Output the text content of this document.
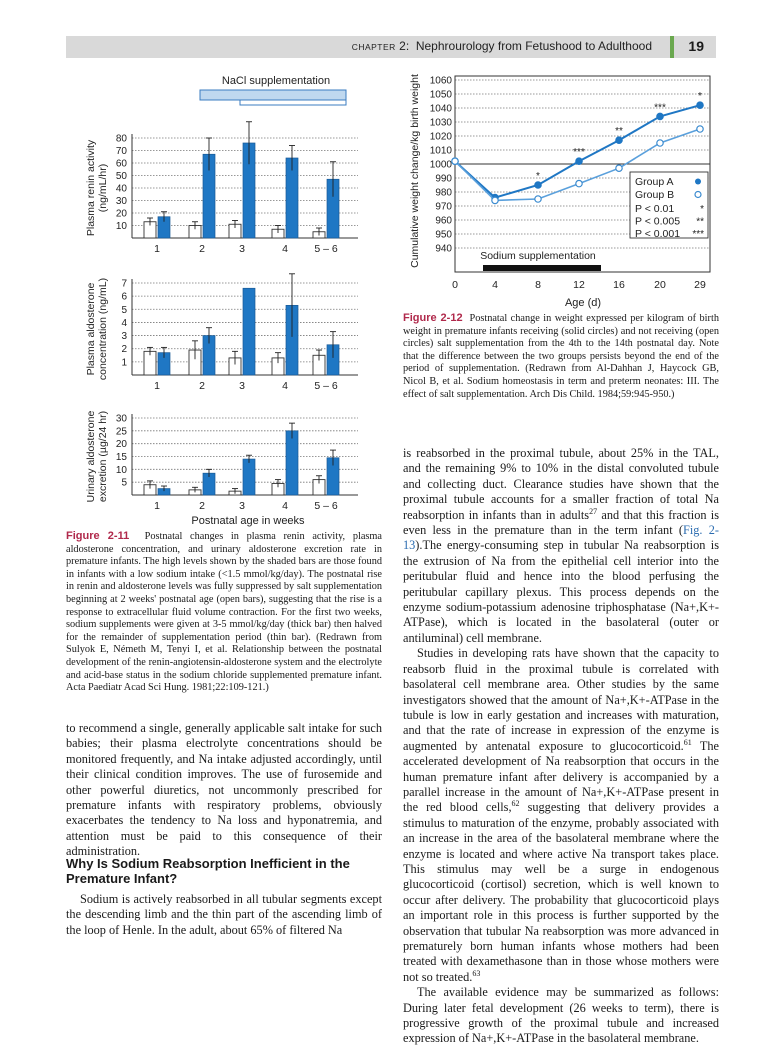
CHAPTER 2: Nephrourology from Fetushood to Adulthood	19
NaCl supplementation
10
20
30
40
50
60
70
80
Plasma renin activity (ng/mL/hr)
1	2	3	4	5 – 6
1
2
3
4
5
6
7
Plasma aldosterone concentration (ng/mL)
1	2	3	4	5 – 6
5
10
15
20
25
30
Urinary aldosterone excretion (µg/24 hr)
1	2	3	4	5 – 6
Postnatal age in weeks
940
950
960
970
980
990
1000
1010
1020
1030
1040
1050
1060
0	4	8	12	16	20	29
Age (d)
Cumulative weight change/kg birth weight	Sodium supplementation
*
***
**
***
*
Group A
Group B
P < 0.01	*
P < 0.005 **
P < 0.001 ***
Figure 2-11 Postnatal changes in plasma renin activity, plasma aldosterone concentration, and urinary aldosterone excretion rate in premature infants. The high levels shown by the shaded bars are those found in infants with a low sodium intake (<1.5 mmol/kg/day). The postnatal rise in renin and aldosterone levels was fully suppressed by salt supplementation beginning at 2 weeks' postnatal age (open bars), suggesting that the rise is a response to extracellular fluid volume contraction. For the first two weeks, sodium supplements were given at 3-5 mmol/kg/day (thick bar) then halved for the remainder of supplementation period (thin bar). (Redrawn from Sulyok E, Németh M, Tenyi I, et al. Relationship between the postnatal development of the renin-angiotensin-aldosterone system and the electrolyte and acid-base status in the sodium chloride supplemented premature infant. Acta Paediatr Acad Sci Hung. 1981;22:109-121.)
Figure 2-12 Postnatal change in weight expressed per kilogram of birth weight in premature infants receiving (solid circles) and not receiving (open circles) salt supplementation from the 4th to the 14th postnatal day. Note that the difference between the two groups persists beyond the end of the period of supplementation. (Redrawn from Al-Dahhan J, Haycock GB, Nicol B, et al. Sodium homeostasis in term and preterm neonates: III. The effect of salt supplementation. Arch Dis Child. 1984;59:945-950.)

to recommend a single, generally applicable salt intake for such babies; their plasma electrolyte concentrations should be monitored frequently, and Na intake adjusted accordingly, until their clinical condition improves. The use of furosemide and other powerful diuretics, not uncommonly prescribed for premature infants with respiratory problems, obviously exacerbates the tendency to Na loss and hyponatremia, and attention must be paid to this consequence of their administration.

Why Is Sodium Reabsorption Inefficient in the Premature Infant?

Sodium is actively reabsorbed in all tubular segments except the descending limb and the thin part of the ascending limb of the loop of Henle. In the adult, about 65% of filtered Na

is reabsorbed in the proximal tubule, about 25% in the TAL, and the remaining 9% to 10% in the distal convoluted tubule and collecting duct. Clearance studies have shown that the proximal tubule accounts for a smaller fraction of total Na reabsorption in infants than in adults$^{27}$ and that this fraction is even less in the premature than in the term infant (Fig. 2-13).The energy-consuming step in tubular Na reabsorption is the extrusion of Na from the epithelial cell interior into the peritubular fluid and hence into the blood perfusing the peritubular capillary plexus. This process depends on the enzyme sodium-potassium adenosine triphosphatase (Na+,K+-ATPase), which is located in the basolateral (outer or antiluminal) cell membrane.

Studies in developing rats have shown that the capacity to reabsorb fluid in the proximal tubule is correlated with basolateral cell membrane area. Other studies by the same investigators showed that the amount of Na+,K+-ATPase in the tubule is low in early gestation and increases with maturation, and that the rate of increase in expression of the enzyme is augmented by antenatal exposure to glucocorticoid.$^{61}$ The accelerated development of Na reabsorption that occurs in the human premature infant after delivery is accompanied by a parallel increase in the amount of Na+,K+-ATPase present in the red blood cells,$^{62}$ suggesting that delivery provides a stimulus to maturation of the enzyme, probably associated with an increase in the area of the basolateral membrane where the enzyme is located and where active Na transport takes place. This stimulus may well be a surge in endogenous glucocorticoid (cortisol) secretion, which is well known to occur after delivery. The probability that glucocorticoid plays an important role in this process is further supported by the observation that tubular Na reabsorption was more advanced in prematurely born human infants whose mothers had been treated with dexamethasone than in those whose mothers were not so treated.$^{63}$

The available evidence may be summarized as follows: During later fetal development (26 weeks to term), there is progressive growth of the proximal tubule and increased expression of Na+,K+-ATPase in the basolateral membrane.
